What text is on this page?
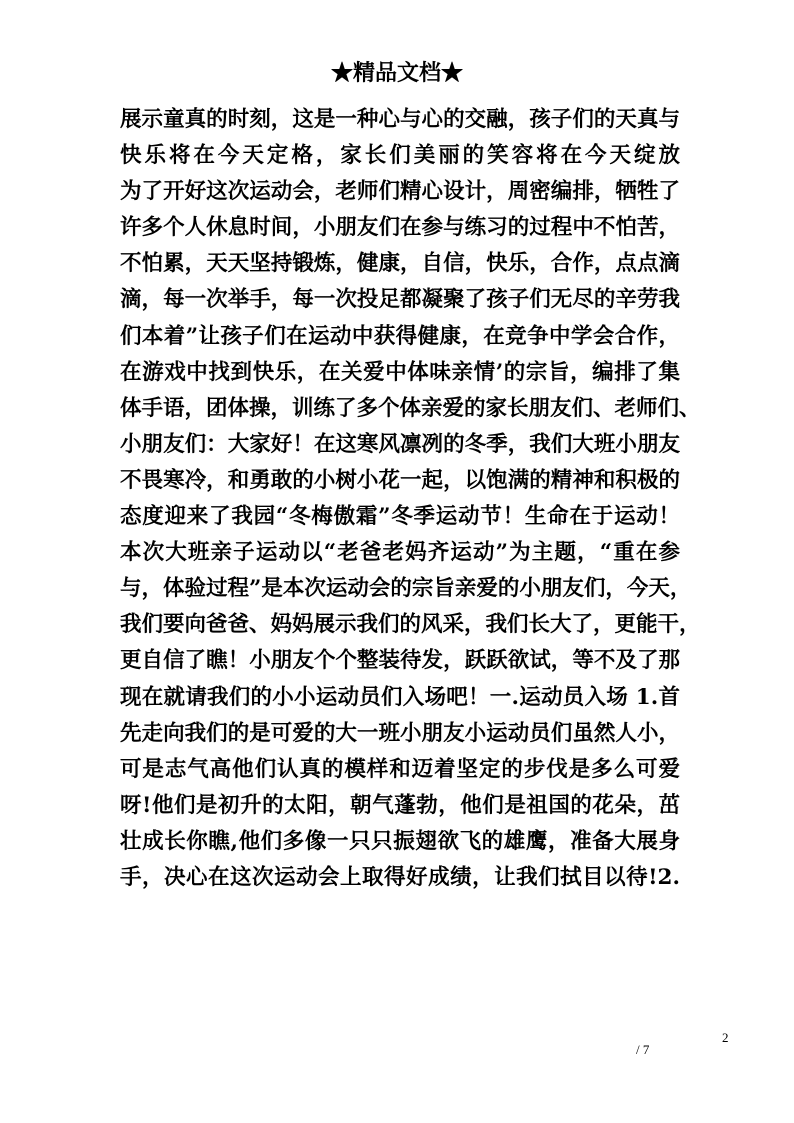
★精品文档★
展示童真的时刻，这是一种心与心的交融，孩子们的天真与
快乐将在今天定格，家长们美丽的笑容将在今天绽放
为了开好这次运动会，老师们精心设计，周密编排，牺牲了
许多个人休息时间，小朋友们在参与练习的过程中不怕苦，
不怕累，天天坚持锻炼，健康，自信，快乐，合作，点点滴
滴，每一次举手，每一次投足都凝聚了孩子们无尽的辛劳我
们本着”让孩子们在运动中获得健康，在竞争中学会合作，
在游戏中找到快乐，在关爱中体味亲情’的宗旨，编排了集
体手语，团体操，训练了多个体亲爱的家长朋友们、老师们、
小朋友们：大家好！在这寒风凛冽的冬季，我们大班小朋友
不畏寒冷，和勇敢的小树小花一起，以饱满的精神和积极的
态度迎来了我园“冬梅傲霜”冬季运动节！生命在于运动！
本次大班亲子运动以“老爸老妈齐运动”为主题，“重在参
与，体验过程”是本次运动会的宗旨亲爱的小朋友们，今天，
我们要向爸爸、妈妈展示我们的风采，我们长大了，更能干，
更自信了瞧！小朋友个个整装待发，跃跃欲试，等不及了那
现在就请我们的小小运动员们入场吧！一.运动员入场 1.首
先走向我们的是可爱的大一班小朋友小运动员们虽然人小，
可是志气高他们认真的模样和迈着坚定的步伐是多么可爱
呀!他们是初升的太阳，朝气蓬勃，他们是祖国的花朵，茁
壮成长你瞧,他们多像一只只振翅欲飞的雄鹰，准备大展身
手，决心在这次运动会上取得好成绩，让我们拭目以待!2.
2
/ 7
